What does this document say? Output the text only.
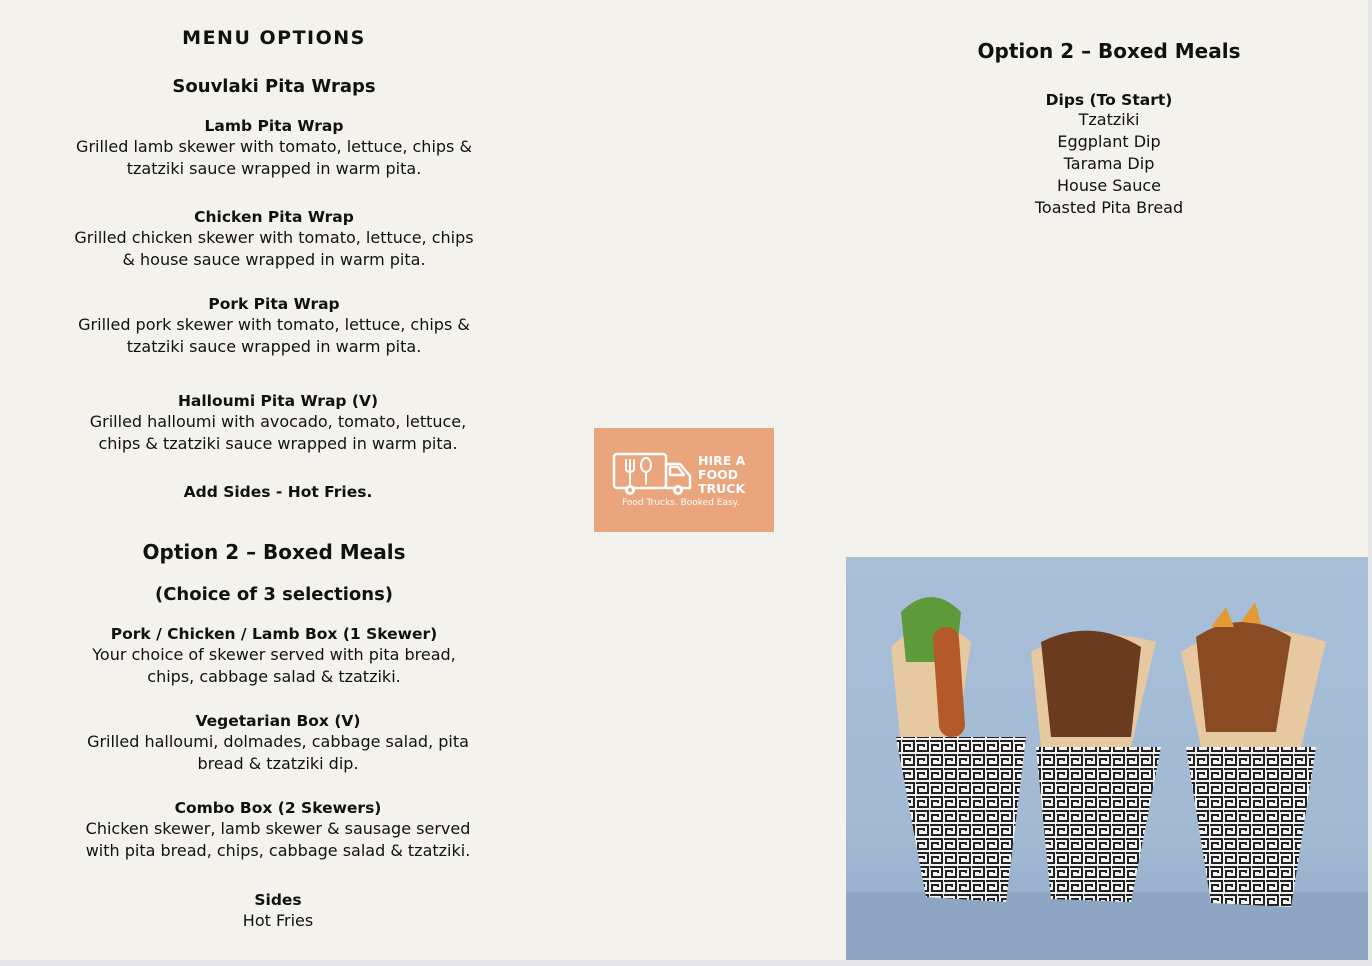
MENU OPTIONS
Souvlaki Pita Wraps
Lamb Pita Wrap
Grilled lamb skewer with tomato, lettuce, chips &
tzatziki sauce wrapped in warm pita.
Chicken Pita Wrap
Grilled chicken skewer with tomato, lettuce, chips
& house sauce wrapped in warm pita.
Pork Pita Wrap
Grilled pork skewer with tomato, lettuce, chips &
tzatziki sauce wrapped in warm pita.
Halloumi Pita Wrap (V)
Grilled halloumi with avocado, tomato, lettuce,
chips & tzatziki sauce wrapped in warm pita.
Add Sides - Hot Fries.
Option 2 – Boxed Meals
(Choice of 3 selections)
Pork / Chicken / Lamb Box (1 Skewer)
Your choice of skewer served with pita bread,
chips, cabbage salad & tzatziki.
Vegetarian Box (V)
Grilled halloumi, dolmades, cabbage salad, pita
bread & tzatziki dip.
Combo Box (2 Skewers)
Chicken skewer, lamb skewer & sausage served
with pita bread, chips, cabbage salad & tzatziki.
Sides
Hot Fries
HIRE A
FOOD
TRUCK
Food Trucks. Booked Easy.
Option 2 – Boxed Meals
Dips (To Start)
Tzatziki
Eggplant Dip
Tarama Dip
House Sauce
Toasted Pita Bread
